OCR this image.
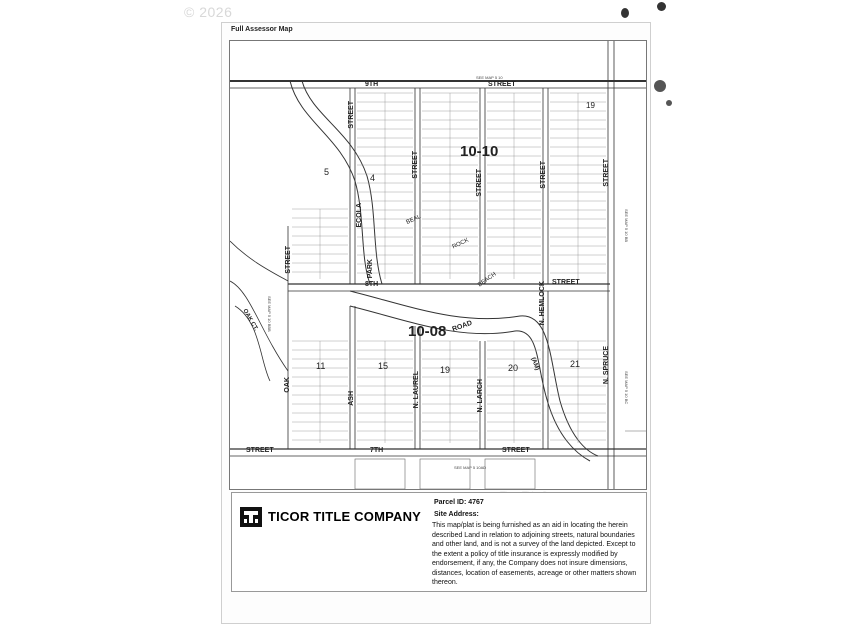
© 2026
Full Assessor Map
9TH	STREET
8TH	STREET
7TH	STREET
STREET
STREET
STREET
STREET	STREET	STREET
STREET
ECOLA
PARK
BEAL
ROCK
BEACH
N. HEMLOCK
OAK
ASH	N. LAUREL	N. LARCH
N. SPRUCE
OAK CT.	ROAD
(AM)
10-10
10-08
4
5
19
11	15	19	20	21
SEE MAP 5 10
SEE MAP 5 10AD
SEE MAP 5 10 BB
SEE MAP 5 10 BBB
SEE MAP 5 10 BC
TICOR TITLE COMPANY
Parcel ID: 4767
Site Address:
This map/plat is being furnished as an aid in locating the herein described Land in relation to adjoining streets, natural boundaries and other land, and is not a survey of the land depicted. Except to the extent a policy of title insurance is expressly modified by endorsement, if any, the Company does not insure dimensions, distances, location of easements, acreage or other matters shown thereon.
